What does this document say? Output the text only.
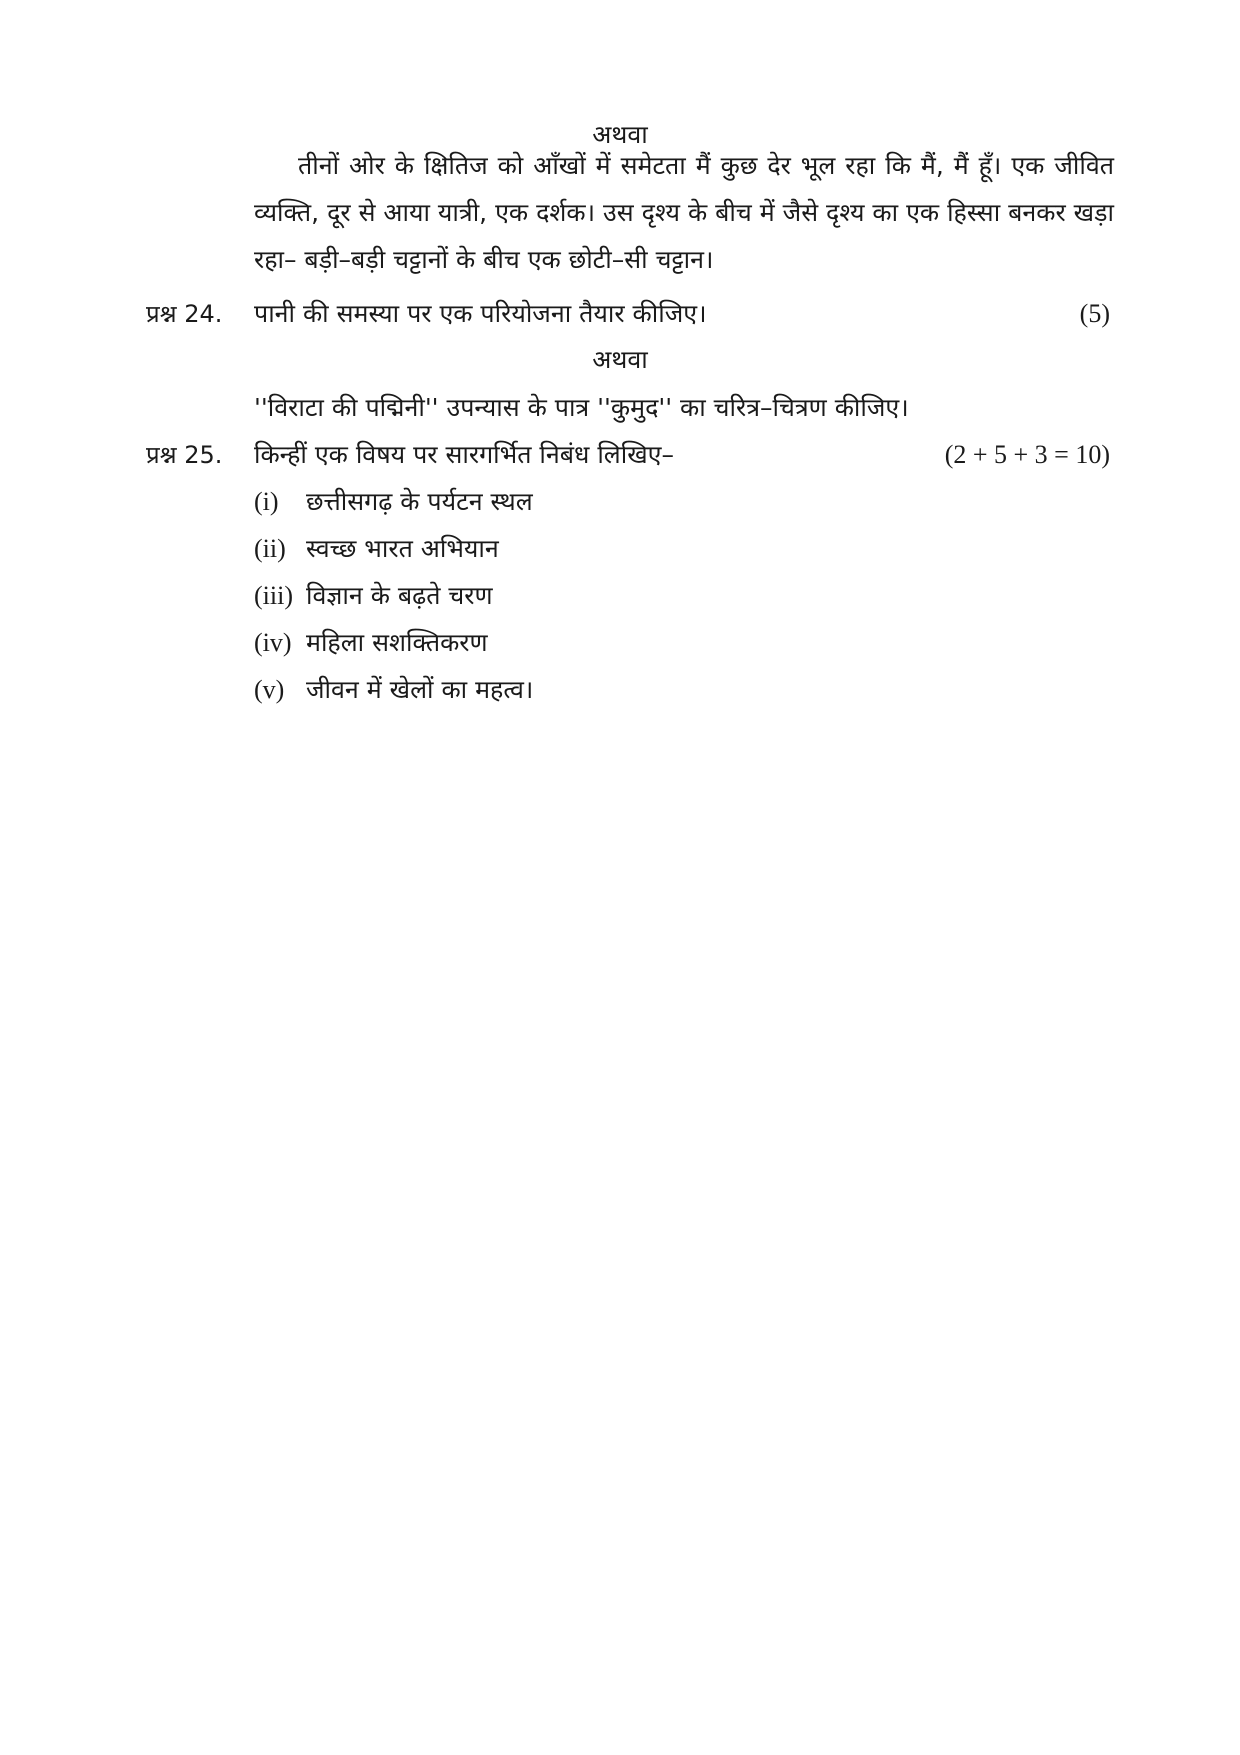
अथवा
तीनों ओर के क्षितिज को आँखों में समेटता मैं कुछ देर भूल रहा कि मैं, मैं हूँ। एक जीवित व्यक्ति, दूर से आया यात्री, एक दर्शक। उस दृश्य के बीच में जैसे दृश्य का एक हिस्सा बनकर खड़ा रहा– बड़ी–बड़ी चट्टानों के बीच एक छोटी–सी चट्टान।
प्रश्न 24. पानी की समस्या पर एक परियोजना तैयार कीजिए।	(5)
अथवा
''विराटा की पद्मिनी'' उपन्यास के पात्र ''कुमुद'' का चरित्र–चित्रण कीजिए।
प्रश्न 25. किन्हीं एक विषय पर सारगर्भित निबंध लिखिए–	(2 + 5 + 3 = 10)
(i) छत्तीसगढ़ के पर्यटन स्थल
(ii) स्वच्छ भारत अभियान
(iii) विज्ञान के बढ़ते चरण
(iv) महिला सशक्तिकरण
(v) जीवन में खेलों का महत्व।
